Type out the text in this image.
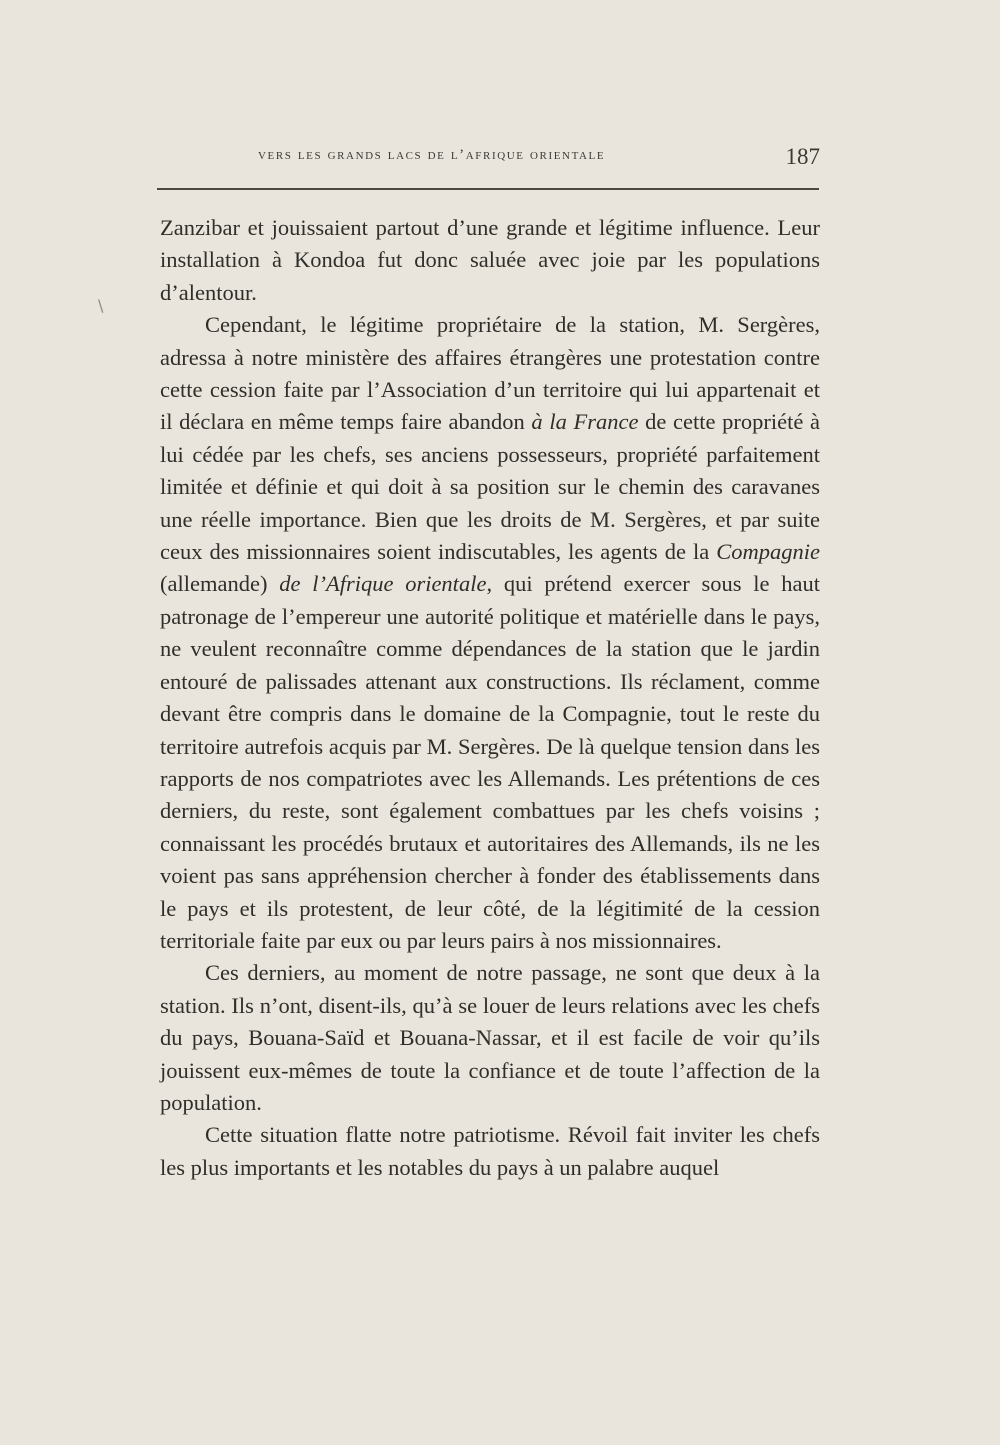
vers les grands lacs de l’afrique orientale	187
\

Zanzibar et jouissaient partout d’une grande et légitime influence. Leur installation à Kondoa fut donc saluée avec joie par les populations d’alentour.

Cependant, le légitime propriétaire de la station, M. Sergères, adressa à notre ministère des affaires étrangères une protestation contre cette cession faite par l’Association d’un territoire qui lui appartenait et il déclara en même temps faire abandon à la France de cette propriété à lui cédée par les chefs, ses anciens possesseurs, propriété parfaitement limitée et définie et qui doit à sa position sur le chemin des caravanes une réelle importance. Bien que les droits de M. Sergères, et par suite ceux des missionnaires soient indiscutables, les agents de la Compagnie (allemande) de l’Afrique orientale, qui prétend exercer sous le haut patronage de l’empereur une autorité politique et matérielle dans le pays, ne veulent reconnaître comme dépendances de la station que le jardin entouré de palissades attenant aux constructions. Ils réclament, comme devant être compris dans le domaine de la Compagnie, tout le reste du territoire autrefois acquis par M. Sergères. De là quelque tension dans les rapports de nos compatriotes avec les Allemands. Les prétentions de ces derniers, du reste, sont également combattues par les chefs voisins ; connaissant les procédés brutaux et autoritaires des Allemands, ils ne les voient pas sans appréhension chercher à fonder des établissements dans le pays et ils protestent, de leur côté, de la légitimité de la cession territoriale faite par eux ou par leurs pairs à nos missionnaires.

Ces derniers, au moment de notre passage, ne sont que deux à la station. Ils n’ont, disent-ils, qu’à se louer de leurs relations avec les chefs du pays, Bouana-Saïd et Bouana-Nassar, et il est facile de voir qu’ils jouissent eux-mêmes de toute la confiance et de toute l’affection de la population.

Cette situation flatte notre patriotisme. Révoil fait inviter les chefs les plus importants et les notables du pays à un palabre auquel
